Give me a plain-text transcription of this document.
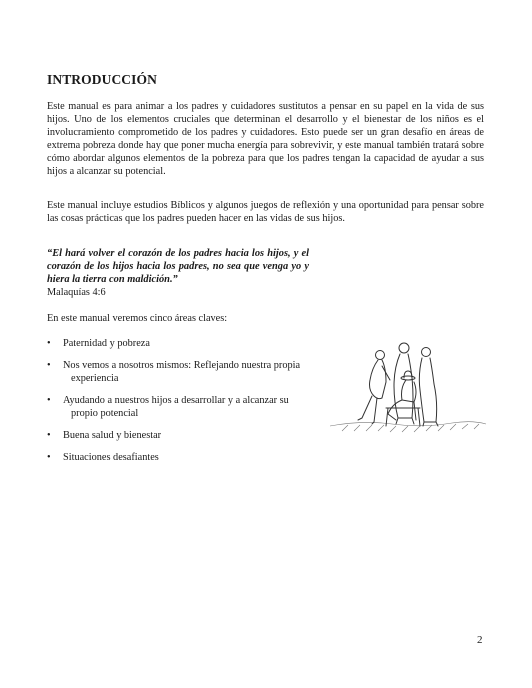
INTRODUCCIÓN
Este manual es para animar a los padres y cuidadores sustitutos a pensar en su papel en la vida de sus hijos. Uno de los elementos cruciales que determinan el desarrollo y el bienestar de los niños es el involucramiento comprometido de los padres y cuidadores. Esto puede ser un gran desafío en áreas de extrema pobreza donde hay que poner mucha energía para sobrevivir, y este manual también tratará sobre cómo abordar algunos elementos de la pobreza para que los padres tengan la capacidad de ayudar a sus hijos a alcanzar su potencial.
Este manual incluye estudios Bíblicos y algunos juegos de reflexión y una oportunidad para pensar sobre las cosas prácticas que los padres pueden hacer en las vidas de sus hijos.
“El hará volver el corazón de los padres hacia los hijos, y el corazón de los hijos hacia los padres, no sea que venga yo y hiera la tierra con maldición.”
Malaquías 4:6
En este manual veremos cinco áreas claves:
• Paternidad y pobreza
• Nos vemos a nosotros mismos: Reflejando nuestra propia
experiencia
• Ayudando a nuestros hijos a desarrollar y a alcanzar su
propio potencial
• Buena salud y bienestar
• Situaciones desafiantes
2
